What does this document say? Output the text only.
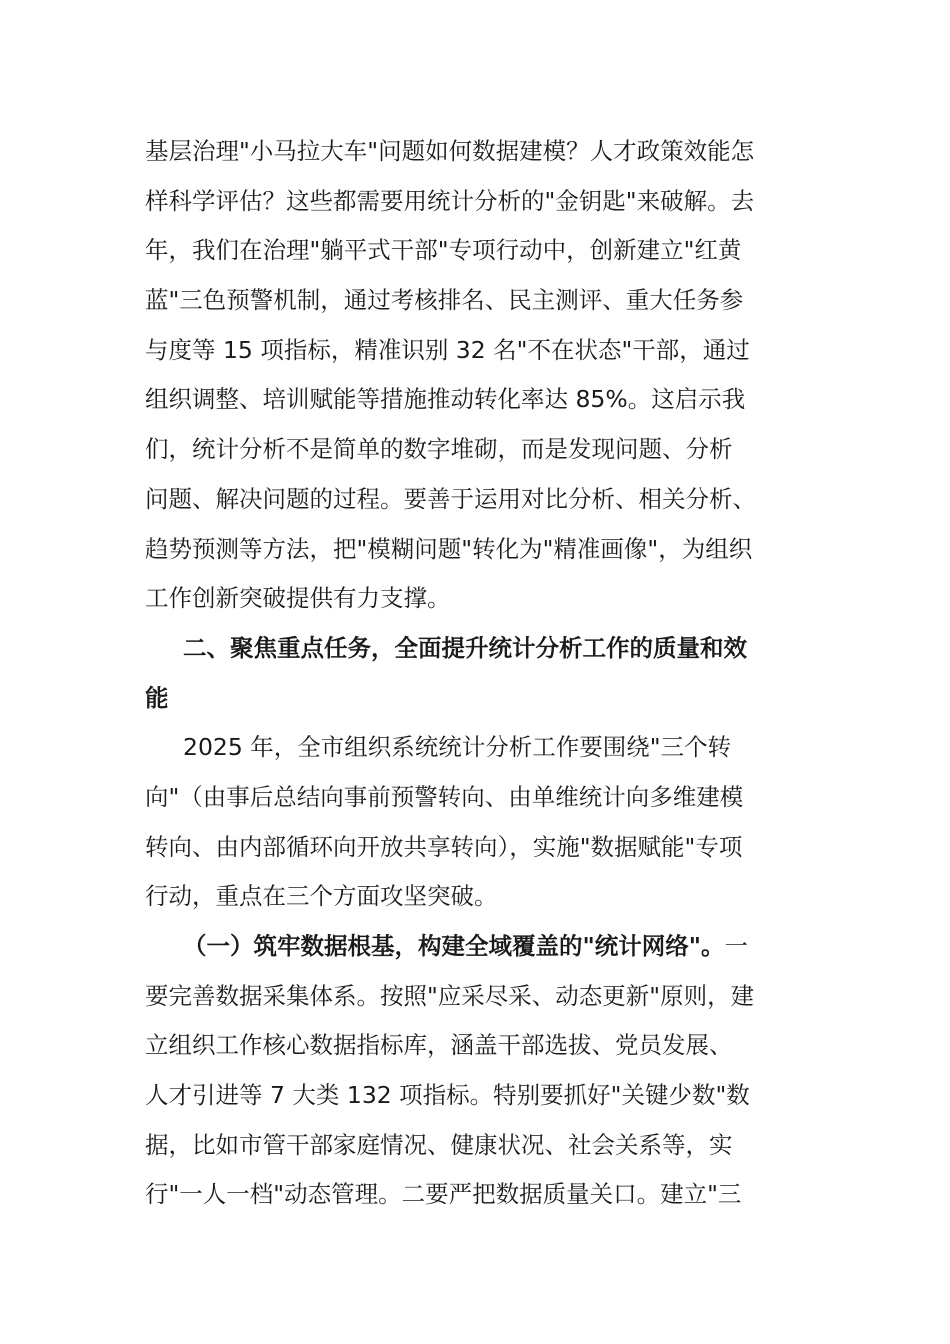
基层治理"小马拉大车"问题如何数据建模？人才政策效能怎
样科学评估？这些都需要用统计分析的"金钥匙"来破解。去
年，我们在治理"躺平式干部"专项行动中，创新建立"红黄
蓝"三色预警机制，通过考核排名、民主测评、重大任务参
与度等 15 项指标，精准识别 32 名"不在状态"干部，通过
组织调整、培训赋能等措施推动转化率达 85%。这启示我
们，统计分析不是简单的数字堆砌，而是发现问题、分析
问题、解决问题的过程。要善于运用对比分析、相关分析、
趋势预测等方法，把"模糊问题"转化为"精准画像"，为组织
工作创新突破提供有力支撑。
二、聚焦重点任务，全面提升统计分析工作的质量和效
能
2025 年，全市组织系统统计分析工作要围绕"三个转
向"（由事后总结向事前预警转向、由单维统计向多维建模
转向、由内部循环向开放共享转向），实施"数据赋能"专项
行动，重点在三个方面攻坚突破。
（一）筑牢数据根基，构建全域覆盖的"统计网络"。一
要完善数据采集体系。按照"应采尽采、动态更新"原则，建
立组织工作核心数据指标库，涵盖干部选拔、党员发展、
人才引进等 7 大类 132 项指标。特别要抓好"关键少数"数
据，比如市管干部家庭情况、健康状况、社会关系等，实
行"一人一档"动态管理。二要严把数据质量关口。建立"三
